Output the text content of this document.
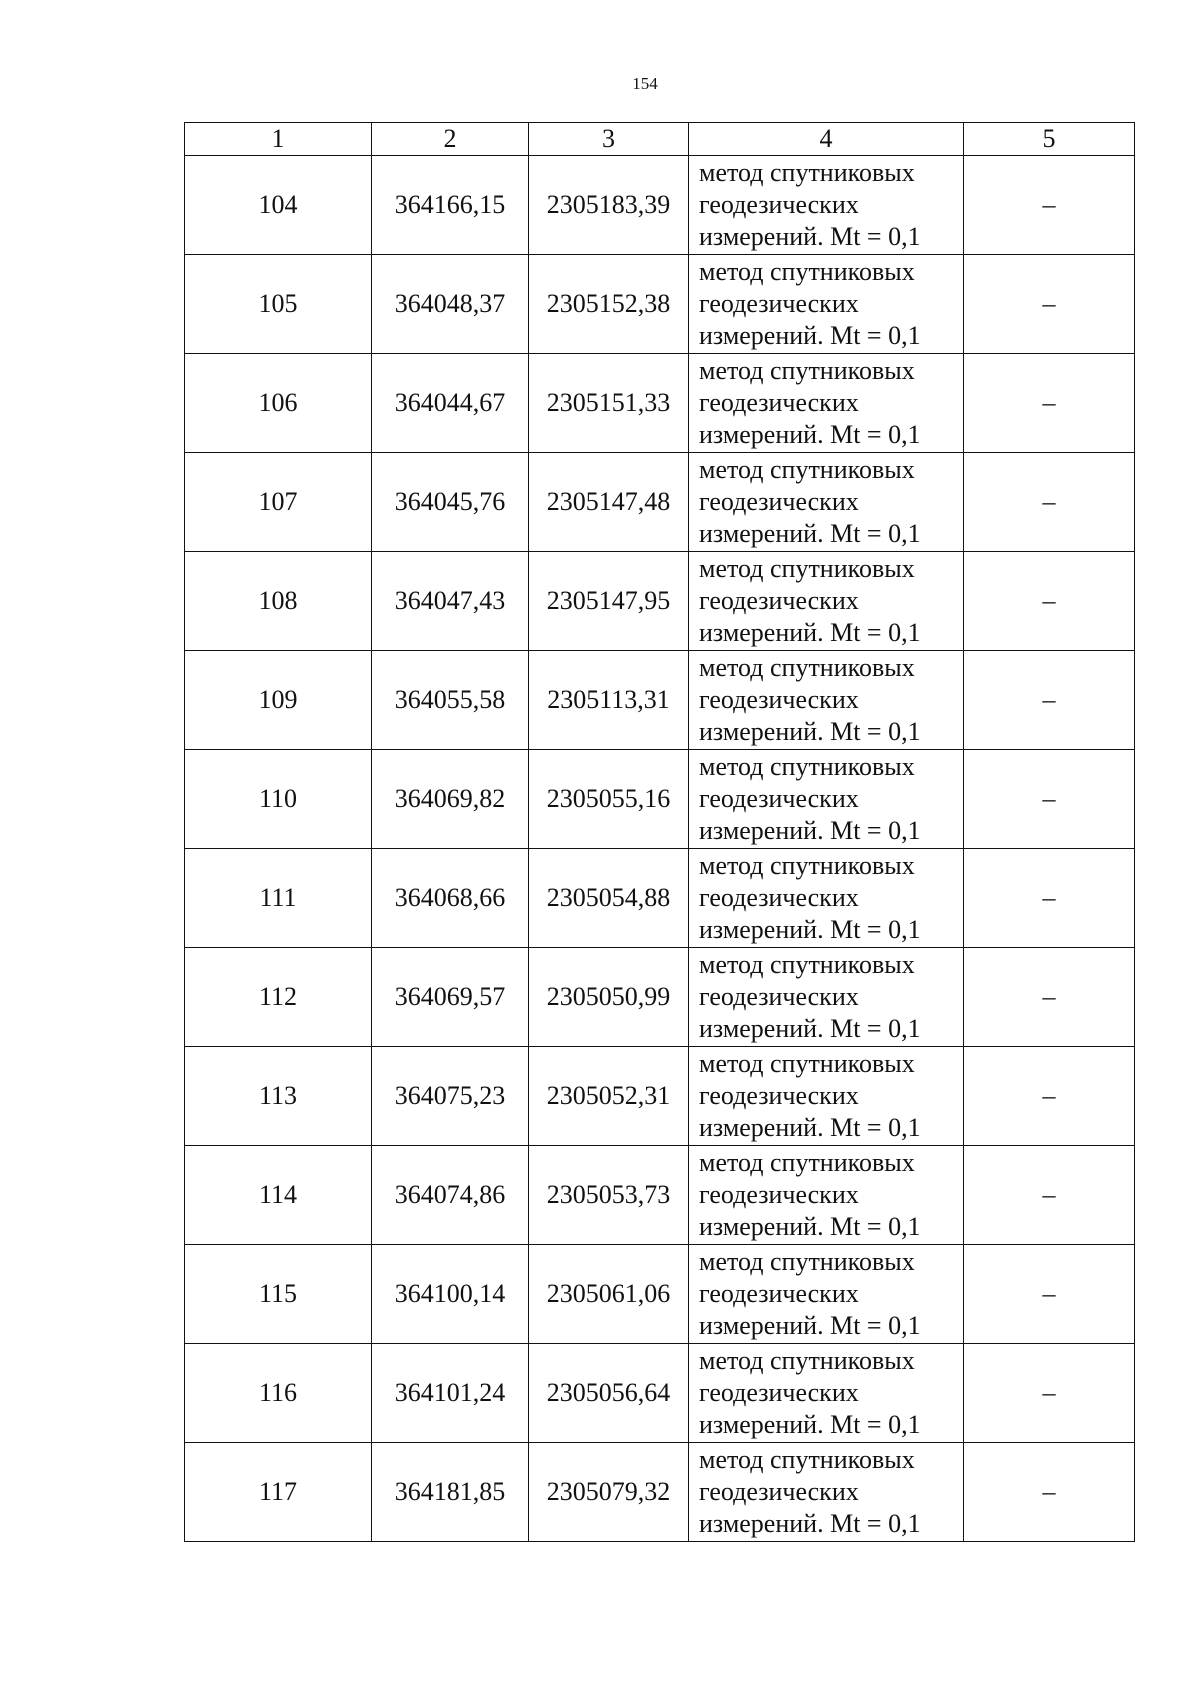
154
1	2	3	4	5
104	364166,15	2305183,39	метод спутниковых
геодезических
измерений. Mt = 0,1	–
105	364048,37	2305152,38	метод спутниковых
геодезических
измерений. Mt = 0,1	–
106	364044,67	2305151,33	метод спутниковых
геодезических
измерений. Mt = 0,1	–
107	364045,76	2305147,48	метод спутниковых
геодезических
измерений. Mt = 0,1	–
108	364047,43	2305147,95	метод спутниковых
геодезических
измерений. Mt = 0,1	–
109	364055,58	2305113,31	метод спутниковых
геодезических
измерений. Mt = 0,1	–
110	364069,82	2305055,16	метод спутниковых
геодезических
измерений. Mt = 0,1	–
111	364068,66	2305054,88	метод спутниковых
геодезических
измерений. Mt = 0,1	–
112	364069,57	2305050,99	метод спутниковых
геодезических
измерений. Mt = 0,1	–
113	364075,23	2305052,31	метод спутниковых
геодезических
измерений. Mt = 0,1	–
114	364074,86	2305053,73	метод спутниковых
геодезических
измерений. Mt = 0,1	–
115	364100,14	2305061,06	метод спутниковых
геодезических
измерений. Mt = 0,1	–
116	364101,24	2305056,64	метод спутниковых
геодезических
измерений. Mt = 0,1	–
117	364181,85	2305079,32	метод спутниковых
геодезических
измерений. Mt = 0,1	–
